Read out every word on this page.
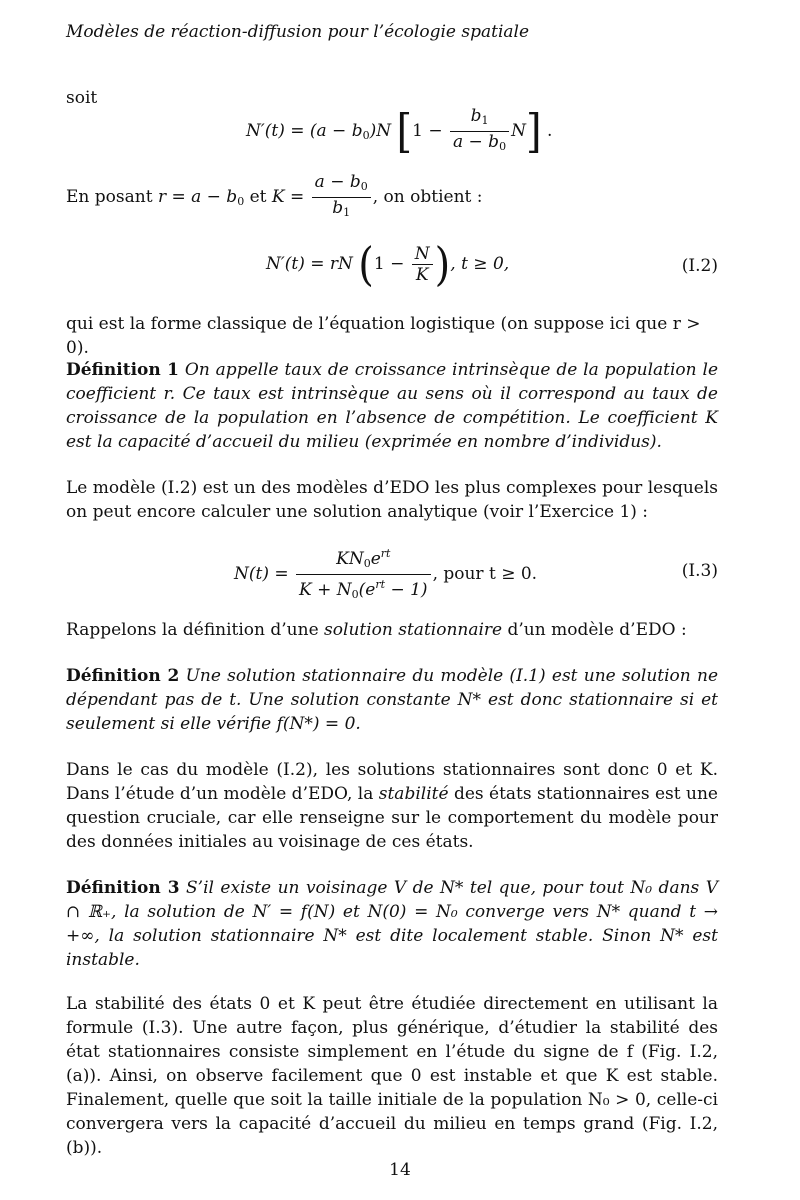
Modèles de réaction-diffusion pour l’écologie spatiale

soit

$N'(t) = (a - b_0)N$ $[1 - \frac{b_1}{a - b_0} N]$ .
En posant $r = a - b_0$ et $K = \frac{a - b_0}{b_1}$ , on obtient :
N′(t) = rN ($1 - \frac{N}{K}$ ), t ≥ 0,	(I.2)

qui est la forme classique de l’équation logistique (on suppose ici que r > 0).

Définition 1 On appelle taux de croissance intrinsèque de la population le coefficient r. Ce taux est intrinsèque au sens où il correspond au taux de croissance de la population en l’absence de compétition. Le coefficient K est la capacité d’accueil du milieu (exprimée en nombre d’individus).

Le modèle (I.2) est un des modèles d’EDO les plus complexes pour lesquels on peut encore calculer une solution analytique (voir l’Exercice 1) :

$N(t) = \frac{KN_0e^{rt}}{K + N_0(e^{rt} - 1)}$ , pour t ≥ 0.	(I.3)

Rappelons la définition d’une solution stationnaire d’un modèle d’EDO :

Définition 2 Une solution stationnaire du modèle (I.1) est une solution ne dépendant pas de t. Une solution constante N* est donc stationnaire si et seulement si elle vérifie f(N*) = 0.

Dans le cas du modèle (I.2), les solutions stationnaires sont donc 0 et K. Dans l’étude d’un modèle d’EDO, la stabilité des états stationnaires est une question cruciale, car elle renseigne sur le comportement du modèle pour des données initiales au voisinage de ces états.

Définition 3 S’il existe un voisinage V de N* tel que, pour tout N₀ dans V ∩ ℝ₊, la solution de N′ = f(N) et N(0) = N₀ converge vers N* quand t → +∞, la solution stationnaire N* est dite localement stable. Sinon N* est instable.

La stabilité des états 0 et K peut être étudiée directement en utilisant la formule (I.3). Une autre façon, plus générique, d’étudier la stabilité des état stationnaires consiste simplement en l’étude du signe de f (Fig. I.2, (a)). Ainsi, on observe facilement que 0 est instable et que K est stable. Finalement, quelle que soit la taille initiale de la population N₀ > 0, celle-ci convergera vers la capacité d’accueil du milieu en temps grand (Fig. I.2, (b)).

14
